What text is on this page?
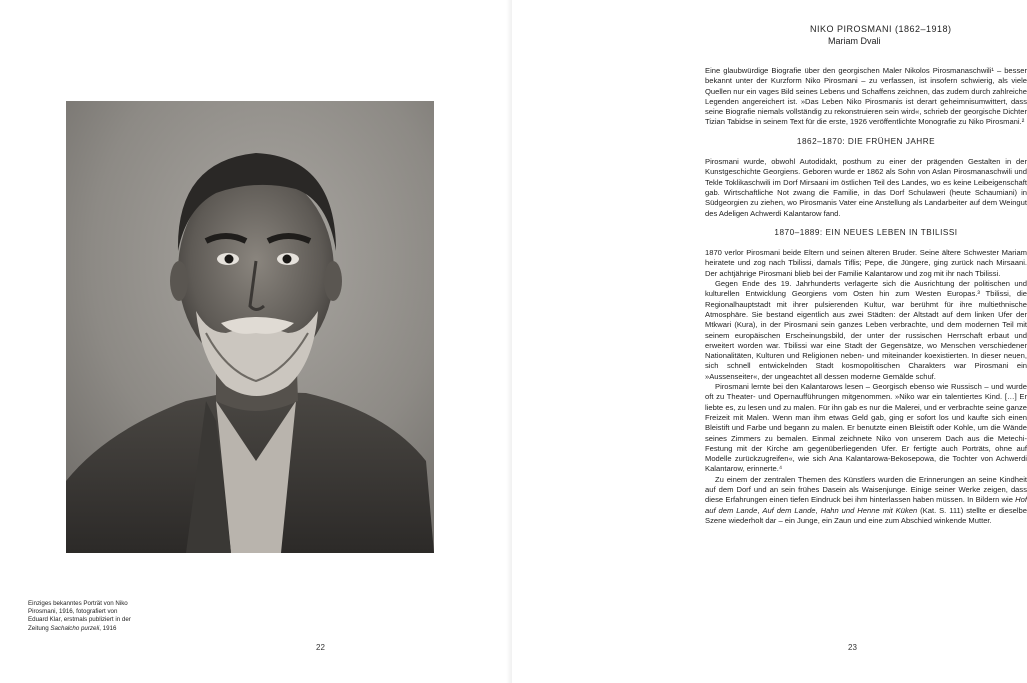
Einziges bekanntes Porträt von Niko
Pirosmani, 1916, fotografiert von
Eduard Klar, erstmals publiziert in der
Zeitung Sachalcho purzeli, 1916
22
NIKO PIROSMANI (1862–1918)
Mariam Dvali

Eine glaubwürdige Biografie über den georgischen Maler Nikolos Pirosmanaschwili¹ – besser bekannt unter der Kurzform Niko Pirosmani – zu verfassen, ist insofern schwierig, als viele Quellen nur ein vages Bild seines Lebens und Schaffens zeichnen, das zudem durch zahlreiche Legenden angereichert ist. »Das Leben Niko Pirosmanis ist derart geheimnisumwittert, dass seine Biografie niemals vollständig zu rekonstruieren sein wird«, schrieb der georgische Dichter Tizian Tabidse in seinem Text für die erste, 1926 veröffentlichte Monografie zu Niko Pirosmani.²

1862–1870: DIE FRÜHEN JAHRE

Pirosmani wurde, obwohl Autodidakt, posthum zu einer der prägenden Gestalten in der Kunstgeschichte Georgiens. Geboren wurde er 1862 als Sohn von Aslan Pirosmanaschwili und Tekle Toklikaschwili im Dorf Mirsaani im östlichen Teil des Landes, wo es keine Leibeigenschaft gab. Wirtschaftliche Not zwang die Familie, in das Dorf Schulaweri (heute Schaumiani) in Südgeorgien zu ziehen, wo Pirosmanis Vater eine Anstellung als Landarbeiter auf dem Weingut des Adeligen Achwerdi Kalantarow fand.

1870–1889: EIN NEUES LEBEN IN TBILISSI

1870 verlor Pirosmani beide Eltern und seinen älteren Bruder. Seine ältere Schwester Mariam heiratete und zog nach Tbilissi, damals Tiflis; Pepe, die Jüngere, ging zurück nach Mirsaani. Der achtjährige Pirosmani blieb bei der Familie Kalantarow und zog mit ihr nach Tbilissi.

Gegen Ende des 19. Jahrhunderts verlagerte sich die Ausrichtung der politischen und kulturellen Entwicklung Georgiens vom Osten hin zum Westen Europas.³ Tbilissi, die Regionalhauptstadt mit ihrer pulsierenden Kultur, war berühmt für ihre multiethnische Atmosphäre. Sie bestand eigentlich aus zwei Städten: der Altstadt auf dem linken Ufer der Mtkwari (Kura), in der Pirosmani sein ganzes Leben verbrachte, und dem modernen Teil mit seinem europäischen Erscheinungsbild, der unter der russischen Herrschaft erbaut und erweitert worden war. Tbilissi war eine Stadt der Gegensätze, wo Menschen verschiedener Nationalitäten, Kulturen und Religionen neben- und miteinander koexistierten. In dieser neuen, sich schnell entwickelnden Stadt kosmopolitischen Charakters war Pirosmani ein »Aussenseiter«, der ungeachtet all dessen moderne Gemälde schuf.

Pirosmani lernte bei den Kalantarows lesen – Georgisch ebenso wie Russisch – und wurde oft zu Theater- und Opernaufführungen mitgenommen. »Niko war ein talentiertes Kind. […] Er liebte es, zu lesen und zu malen. Für ihn gab es nur die Malerei, und er verbrachte seine ganze Freizeit mit Malen. Wenn man ihm etwas Geld gab, ging er sofort los und kaufte sich einen Bleistift und Farbe und begann zu malen. Er benutzte einen Bleistift oder Kohle, um die Wände seines Zimmers zu bemalen. Einmal zeichnete Niko von unserem Dach aus die Metechi-Festung mit der Kirche am gegenüberliegenden Ufer. Er fertigte auch Porträts, ohne auf Modelle zurückzugreifen«, wie sich Ana Kalantarowa-Bekosepowa, die Tochter von Achwerdi Kalantarow, erinnerte.⁴

Zu einem der zentralen Themen des Künstlers wurden die Erinnerungen an seine Kindheit auf dem Dorf und an sein frühes Dasein als Waisenjunge. Einige seiner Werke zeigen, dass diese Erfahrungen einen tiefen Eindruck bei ihm hinterlassen haben müssen. In Bildern wie Hof auf dem Lande, Auf dem Lande, Hahn und Henne mit Küken (Kat. S. 111) stellte er dieselbe Szene wiederholt dar – ein Junge, ein Zaun und eine zum Abschied winkende Mutter.

23
